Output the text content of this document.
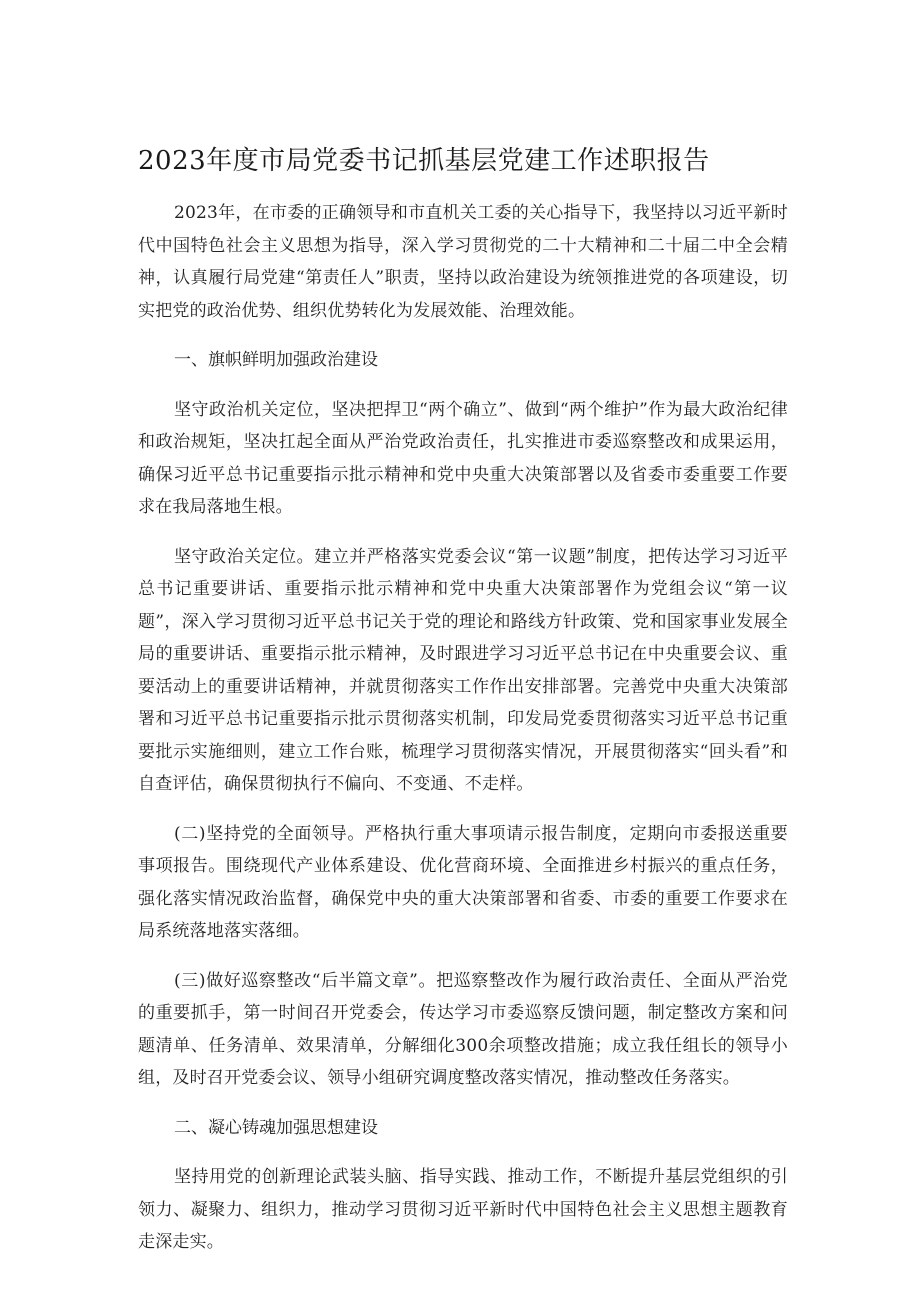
2023年度市局党委书记抓基层党建工作述职报告

2023年，在市委的正确领导和市直机关工委的关心指导下，我坚持以习近平新时代中国特色社会主义思想为指导，深入学习贯彻党的二十大精神和二十届二中全会精神，认真履行局党建“第责任人”职责，坚持以政治建设为统领推进党的各项建设，切实把党的政治优势、组织优势转化为发展效能、治理效能。

一、旗帜鲜明加强政治建设

坚守政治机关定位，坚决把捍卫“两个确立”、做到“两个维护”作为最大政治纪律和政治规矩，坚决扛起全面从严治党政治责任，扎实推进市委巡察整改和成果运用，确保习近平总书记重要指示批示精神和党中央重大决策部署以及省委市委重要工作要求在我局落地生根。

坚守政治关定位。建立并严格落实党委会议“第一议题”制度，把传达学习习近平总书记重要讲话、重要指示批示精神和党中央重大决策部署作为党组会议“第一议题”，深入学习贯彻习近平总书记关于党的理论和路线方针政策、党和国家事业发展全局的重要讲话、重要指示批示精神，及时跟进学习习近平总书记在中央重要会议、重要活动上的重要讲话精神，并就贯彻落实工作作出安排部署。完善党中央重大决策部署和习近平总书记重要指示批示贯彻落实机制，印发局党委贯彻落实习近平总书记重要批示实施细则，建立工作台账，梳理学习贯彻落实情况，开展贯彻落实“回头看”和自查评估，确保贯彻执行不偏向、不变通、不走样。

(二)坚持党的全面领导。严格执行重大事项请示报告制度，定期向市委报送重要事项报告。围绕现代产业体系建设、优化营商环境、全面推进乡村振兴的重点任务，强化落实情况政治监督，确保党中央的重大决策部署和省委、市委的重要工作要求在局系统落地落实落细。

(三)做好巡察整改“后半篇文章”。把巡察整改作为履行政治责任、全面从严治党的重要抓手，第一时间召开党委会，传达学习市委巡察反馈问题，制定整改方案和问题清单、任务清单、效果清单，分解细化300余项整改措施；成立我任组长的领导小组，及时召开党委会议、领导小组研究调度整改落实情况，推动整改任务落实。

二、凝心铸魂加强思想建设

坚持用党的创新理论武装头脑、指导实践、推动工作，不断提升基层党组织的引领力、凝聚力、组织力，推动学习贯彻习近平新时代中国特色社会主义思想主题教育走深走实。
